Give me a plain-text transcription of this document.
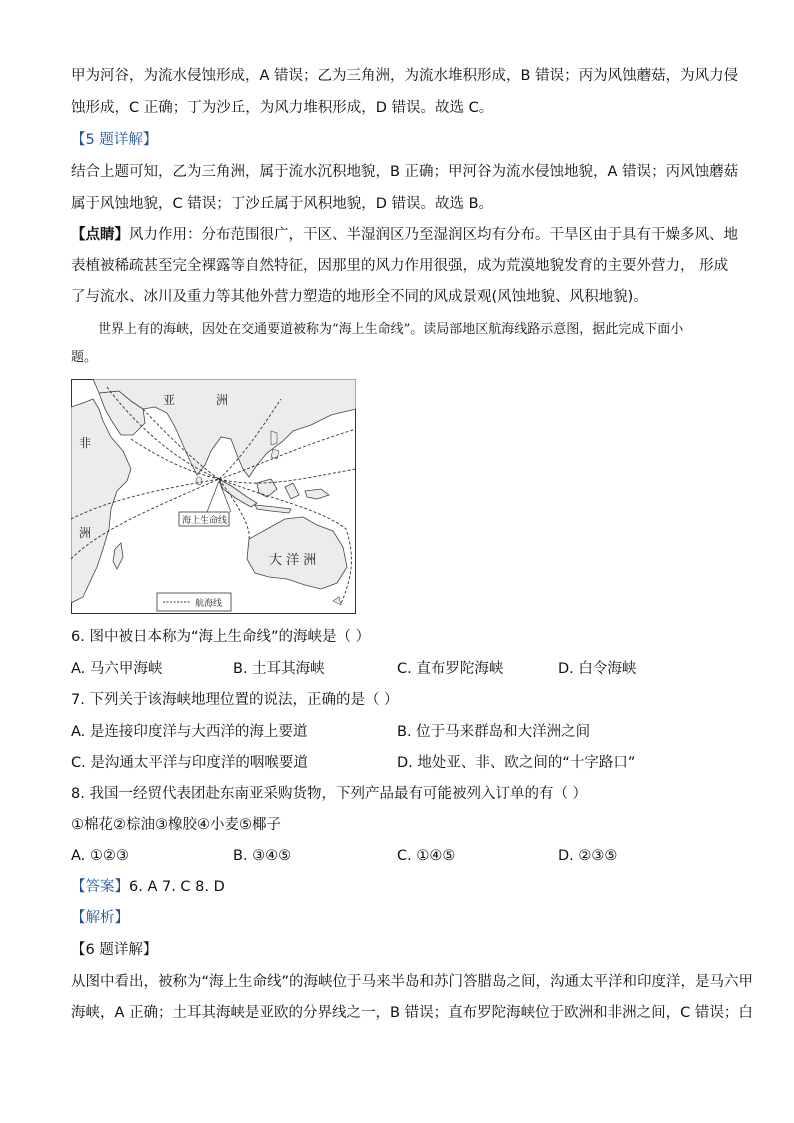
甲为河谷，为流水侵蚀形成，A 错误；乙为三角洲，为流水堆积形成，B 错误；丙为风蚀蘑菇，为风力侵
蚀形成，C 正确；丁为沙丘，为风力堆积形成，D 错误。故选 C。
【5 题详解】
结合上题可知，乙为三角洲，属于流水沉积地貌，B 正确；甲河谷为流水侵蚀地貌，A 错误；丙风蚀蘑菇
属于风蚀地貌，C 错误；丁沙丘属于风积地貌，D 错误。故选 B。
【点睛】风力作用：分布范围很广，干区、半湿润区乃至湿润区均有分布。干旱区由于具有干燥多风、地
表植被稀疏甚至完全裸露等自然特征，因那里的风力作用很强，成为荒漠地貌发育的主要外营力， 形成
了与流水、冰川及重力等其他外营力塑造的地形全不同的风成景观(风蚀地貌、风积地貌)。
世界上有的海峡，因处在交通要道被称为“海上生命线”。读局部地区航海线路示意图，据此完成下面小
题。
亚	洲
非
洲
大 洋 洲
海上生命线
航海线
6. 图中被日本称为“海上生命线”的海峡是（ ）
A. 马六甲海峡	B. 土耳其海峡	C. 直布罗陀海峡	D. 白令海峡
7. 下列关于该海峡地理位置的说法，正确的是（ ）
A. 是连接印度洋与大西洋的海上要道	B. 位于马来群岛和大洋洲之间
C. 是沟通太平洋与印度洋的咽喉要道	D. 地处亚、非、欧之间的“十字路口”
8. 我国一经贸代表团赴东南亚采购货物，下列产品最有可能被列入订单的有（ ）
①棉花②棕油③橡胶④小麦⑤椰子
A. ①②③	B. ③④⑤	C. ①④⑤	D. ②③⑤
【答案】6. A 7. C 8. D
【解析】
【6 题详解】
从图中看出，被称为“海上生命线”的海峡位于马来半岛和苏门答腊岛之间，沟通太平洋和印度洋，是马六甲
海峡，A 正确；土耳其海峡是亚欧的分界线之一，B 错误；直布罗陀海峡位于欧洲和非洲之间，C 错误；白
